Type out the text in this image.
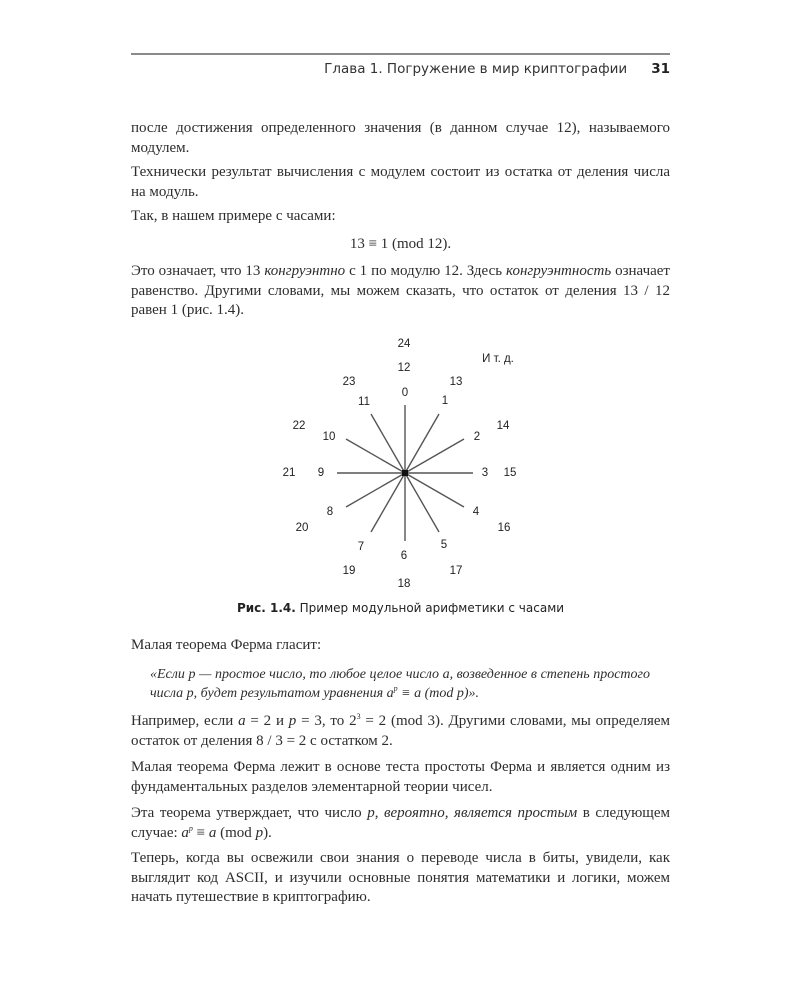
Глава 1. Погружение в мир криптографии 31
после достижения определенного значения (в данном случае 12), называемого модулем.
Технически результат вычисления с модулем состоит из остатка от деления числа на модуль.
Так, в нашем примере с часами:
13 ≡ 1 (mod 12).
Это означает, что 13 конгруэнтно с 1 по модулю 12. Здесь конгруэнтность означает равенство. Другими словами, мы можем сказать, что остаток от деления 13 / 12 равен 1 (рис. 1.4).
0
1
2
3
4
5
6
7
8
9
10
11
12
13
14
15
16
17
18
19
20
21
22
23
24
И т. д.
Рис. 1.4. Пример модульной арифметики с часами
Малая теорема Ферма гласит:
«Если p — простое число, то любое целое число a, возведенное в степень простого числа p, будет результатом уравнения $a^p \equiv a$ (mod p)».
Например, если a = 2 и p = 3, то $2^3 = 2$ (mod 3). Другими словами, мы определяем остаток от деления 8 / 3 = 2 с остатком 2.
Малая теорема Ферма лежит в основе теста простоты Ферма и является одним из фундаментальных разделов элементарной теории чисел.
Эта теорема утверждает, что число p, вероятно, является простым в следующем случае: $a^p \equiv a$ (mod p).
Теперь, когда вы освежили свои знания о переводе числа в биты, увидели, как выглядит код ASCII, и изучили основные понятия математики и логики, можем начать путешествие в криптографию.
